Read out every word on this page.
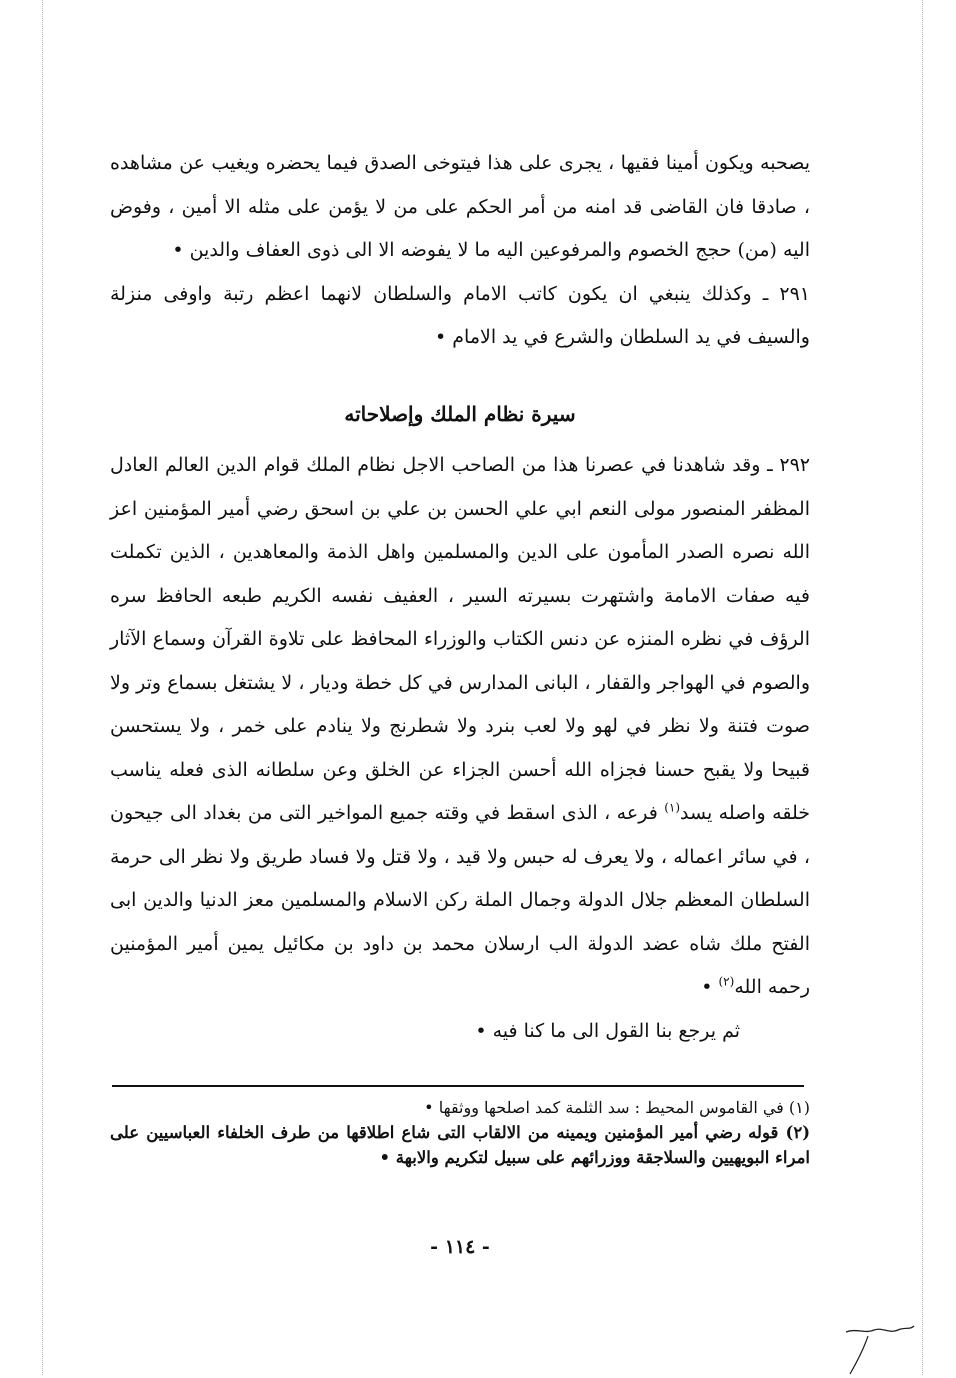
يصحبه ويكون أمينا فقيها ، يجرى على هذا فيتوخى الصدق فيما يحضره ويغيب عن مشاهده ، صادقا فان القاضى قد امنه من أمر الحكم على من لا يؤمن على مثله الا أمين ، وفوض اليه (من) حجج الخصوم والمرفوعين اليه ما لا يفوضه الا الى ذوى العفاف والدين •

٢٩١ ـ وكذلك ينبغي ان يكون كاتب الامام والسلطان لانهما اعظم رتبة واوفى منزلة والسيف في يد السلطان والشرع في يد الامام •

سيرة نظام الملك وإصلاحاته

٢٩٢ ـ وقد شاهدنا في عصرنا هذا من الصاحب الاجل نظام الملك قوام الدين العالم العادل المظفر المنصور مولى النعم ابي علي الحسن بن علي بن اسحق رضي أمير المؤمنين اعز الله نصره الصدر المأمون على الدين والمسلمين واهل الذمة والمعاهدين ، الذين تكملت فيه صفات الامامة واشتهرت بسيرته السير ، العفيف نفسه الكريم طبعه الحافظ سره الرؤف في نظره المنزه عن دنس الكتاب والوزراء المحافظ على تلاوة القرآن وسماع الآثار والصوم في الهواجر والقفار ، البانى المدارس في كل خطة وديار ، لا يشتغل بسماع وتر ولا صوت فتنة ولا نظر في لهو ولا لعب بنرد ولا شطرنج ولا ينادم على خمر ، ولا يستحسن قبيحا ولا يقبح حسنا فجزاه الله أحسن الجزاء عن الخلق وعن سلطانه الذى فعله يناسب خلقه واصله يسد$^{(١)}$ فرعه ، الذى اسقط في وقته جميع المواخير التى من بغداد الى جيحون ، في سائر اعماله ، ولا يعرف له حبس ولا قيد ، ولا قتل ولا فساد طريق ولا نظر الى حرمة السلطان المعظم جلال الدولة وجمال الملة ركن الاسلام والمسلمين معز الدنيا والدين ابى الفتح ملك شاه عضد الدولة الب ارسلان محمد بن داود بن مكائيل يمين أمير المؤمنين رحمه الله$^{(٢)}$ •

ثم يرجع بنا القول الى ما كنا فيه •

(١) في القاموس المحيط : سد الثلمة كمد اصلحها ووثقها •

(٢) قوله رضي أمير المؤمنين ويمينه من الالقاب التى شاع اطلاقها من طرف الخلفاء العباسيين على امراء البويهيين والسلاجقة ووزرائهم على سبيل لتكريم والابهة •

- ١١٤ -
